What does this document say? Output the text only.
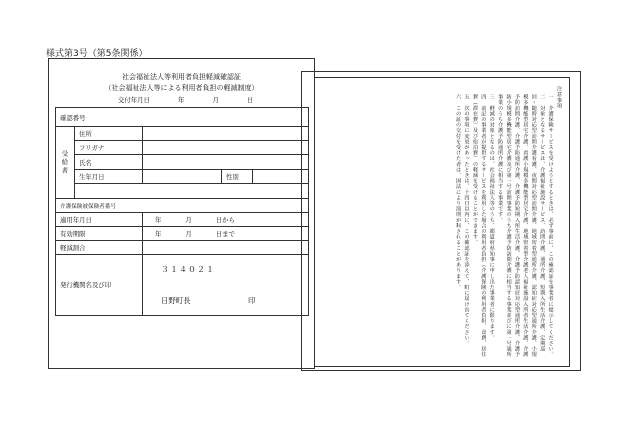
様式第3号（第5条関係）
社会福祉法人等利用者負担軽減確認証
（社会福祉法人等による利用者負担の軽減制度）
交付年月日	年	月	日
確認番号
受給者
住所
フリガナ
氏名
生年月日	性別
介護保険被保険者番号
適用年月日	年	月	日から
有効期限	年	月	日まで
軽減割合
発行機関名及び印
３１４０２１
日野町長	印

注意事項

一　介護保険サービスを受けようとするときは、必ず事前に、この確認証を事業者に提示してください。

二　対象となるサービスは、介護福祉施設サービス、訪問介護、通所介護、短期入所生活介護、定期巡回・随時対応型訪問介護看護、夜間対応型訪問介護、地域密着型通所介護、認知症対応型通所介護、小規模多機能型居宅介護、看護小規模多機能型居宅介護、地域密着型介護老人福祉施設入所者生活介護、介護予防訪問介護、介護予防通所介護、介護予防短期入所生活介護、介護予防認知症対応型通所介護、介護予防小規模多機能型居宅介護及び第一号訪問事業のうち介護予防訪問介護に相当する事業並びに第一号通所事業のうち介護予防通所介護に相当する事業です。

三　軽減の対象となるのは、社会福祉法人等のうち、都道府県知事に申し出た事業者に限ります。

四　前記の事業者が提供するサービスを利用した場合の利用者負担（介護保険の利用者負担、食費、居住費（滞在費）及び宿泊費）の軽減を受けることができます。

五　次の事項に変更があったときは、十四日以内に、この確認証を添えて、町に届け出てください。

六　この証の交付を受けた者は、国法により罰則が科されることがあります。
